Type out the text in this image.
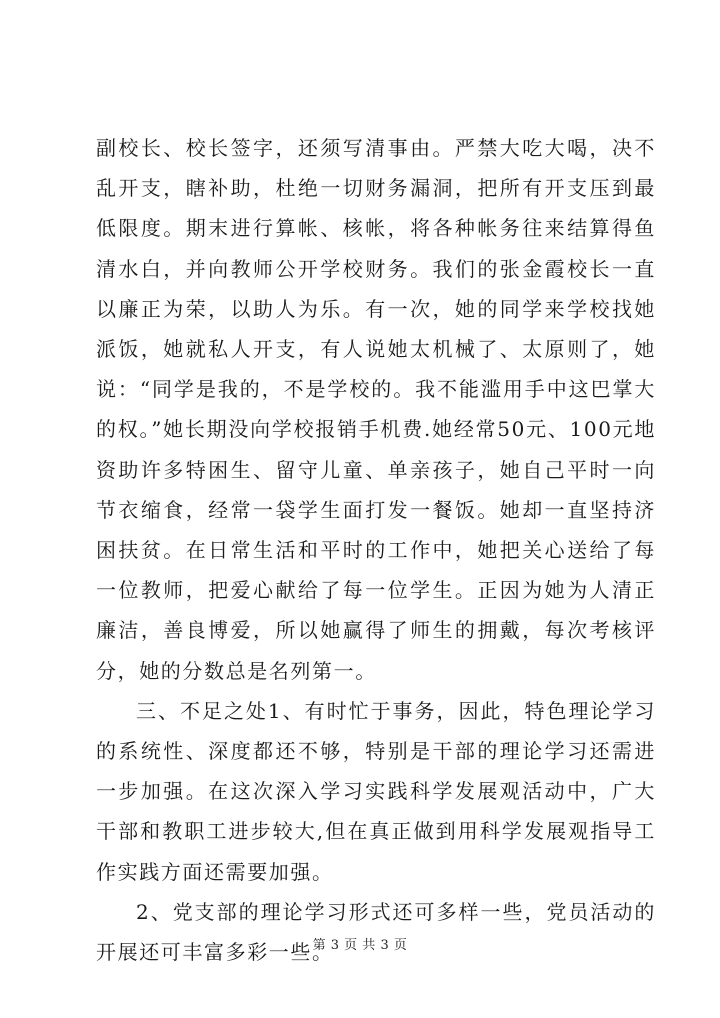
副校长、校长签字，还须写清事由。严禁大吃大喝，决不乱开支，瞎补助，杜绝一切财务漏洞，把所有开支压到最低限度。期末进行算帐、核帐，将各种帐务往来结算得鱼清水白，并向教师公开学校财务。我们的张金霞校长一直以廉正为荣，以助人为乐。有一次，她的同学来学校找她派饭，她就私人开支，有人说她太机械了、太原则了，她说：“同学是我的，不是学校的。我不能滥用手中这巴掌大的权。”她长期没向学校报销手机费.她经常50元、100元地资助许多特困生、留守儿童、单亲孩子，她自己平时一向节衣缩食，经常一袋学生面打发一餐饭。她却一直坚持济困扶贫。在日常生活和平时的工作中，她把关心送给了每一位教师，把爱心献给了每一位学生。正因为她为人清正廉洁，善良博爱，所以她赢得了师生的拥戴，每次考核评分，她的分数总是名列第一。

三、不足之处1、有时忙于事务，因此，特色理论学习的系统性、深度都还不够，特别是干部的理论学习还需进一步加强。在这次深入学习实践科学发展观活动中，广大干部和教职工进步较大,但在真正做到用科学发展观指导工作实践方面还需要加强。

2、党支部的理论学习形式还可多样一些，党员活动的开展还可丰富多彩一些。

第 3 页 共 3 页
